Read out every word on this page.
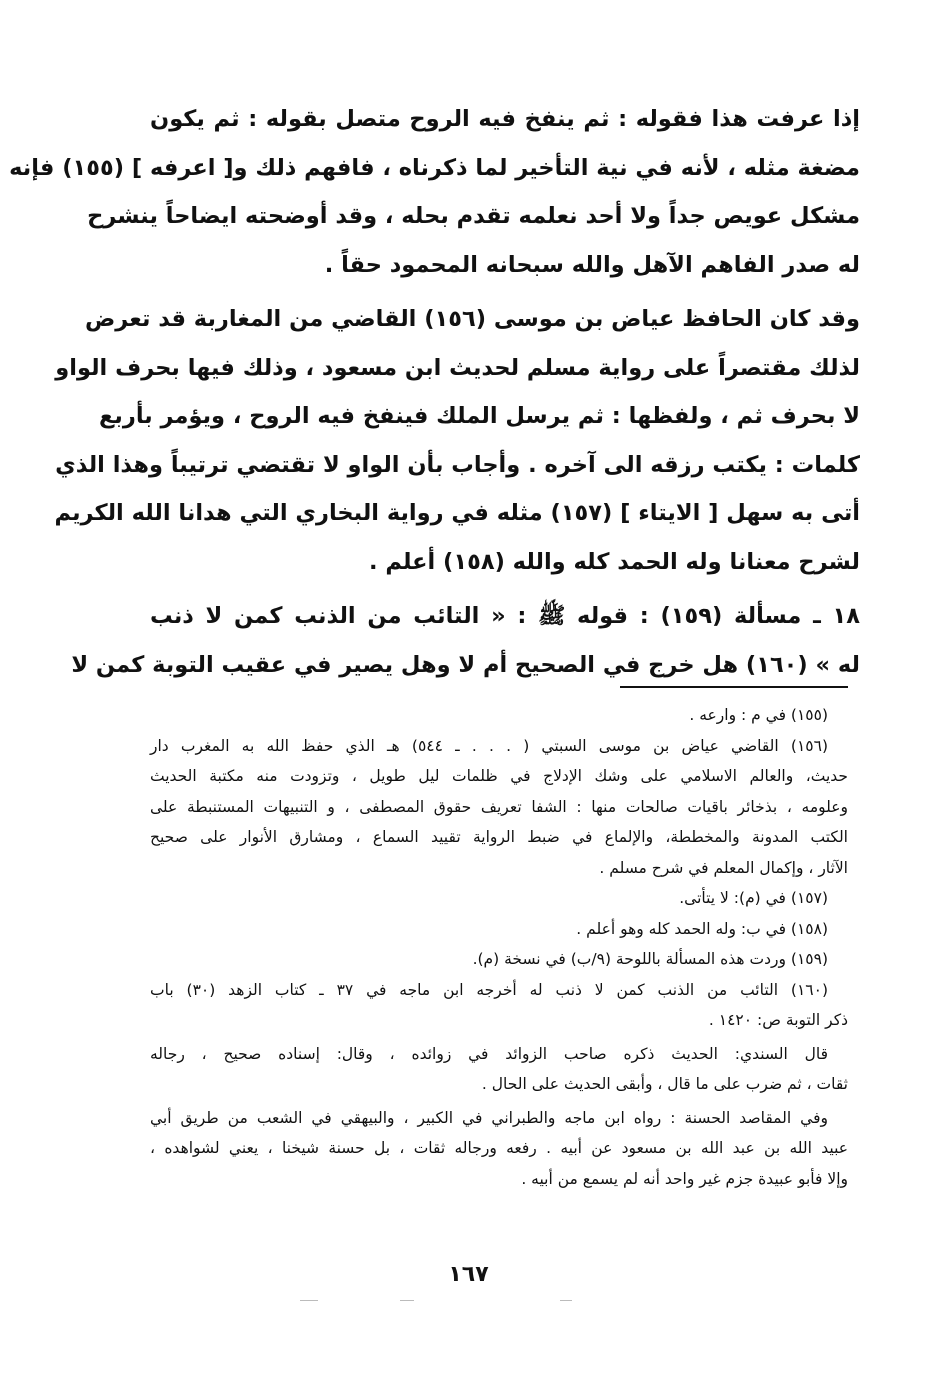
إذا عرفت هذا فقوله : ثم ينفخ فيه الروح متصل بقوله : ثم يكون
مضغة مثله ، لأنه في نية التأخير لما ذكرناه ، فافهم ذلك و[ اعرفه ] (١٥٥) فإنه
مشكل عويص جداً ولا أحد نعلمه تقدم بحله ، وقد أوضحته ايضاحاً ينشرح
له صدر الفاهم الآهل والله سبحانه المحمود حقاً .
وقد كان الحافظ عياض بن موسى (١٥٦) القاضي من المغاربة قد تعرض
لذلك مقتصراً على رواية مسلم لحديث ابن مسعود ، وذلك فيها بحرف الواو
لا بحرف ثم ، ولفظها : ثم يرسل الملك فينفخ فيه الروح ، ويؤمر بأربع
كلمات : يكتب رزقه الى آخره . وأجاب بأن الواو لا تقتضي ترتيباً وهذا الذي
أتى به سهل [ الايتاء ] (١٥٧) مثله في رواية البخاري التي هدانا الله الكريم
لشرح معنانا وله الحمد كله والله (١٥٨) أعلم .
١٨ ـ مسألة (١٥٩) : قوله ﷺ : « التائب من الذنب كمن لا ذنب
له » (١٦٠) هل خرج في الصحيح أم لا وهل يصير في عقيب التوبة كمن لا
(١٥٥) في م : وارعه .
(١٥٦) القاضي عياض بن موسى السبتي ( . . . ـ ٥٤٤) هـ الذي حفظ الله به المغرب دار
حديث، والعالم الاسلامي على وشك الإدلاج في ظلمات ليل طويل ، وتزودت منه مكتبة الحديث
وعلومه ، بذخائر باقيات صالحات منها : الشفا تعريف حقوق المصطفى ، و التنبيهات المستنبطة على
الكتب المدونة والمخططة، والإلماع في ضبط الرواية تقييد السماع ، ومشارق الأنوار على صحيح
الآثار ، وإكمال المعلم في شرح مسلم .
(١٥٧) في (م): لا يتأتى.
(١٥٨) في ب: وله الحمد كله وهو أعلم .
(١٥٩) وردت هذه المسألة باللوحة (٩/ب) في نسخة (م).
(١٦٠) التائب من الذنب كمن لا ذنب له أخرجه ابن ماجه في ٣٧ ـ كتاب الزهد (٣٠) باب
ذكر التوبة ص: ١٤٢٠ .
قال السندي: الحديث ذكره صاحب الزوائد في زوائده ، وقال: إسناده صحيح ، رجاله
ثقات ، ثم ضرب على ما قال ، وأبقى الحديث على الحال .
وفي المقاصد الحسنة : رواه ابن ماجه والطبراني في الكبير ، والبيهقي في الشعب من طريق أبي
عبيد الله بن عبد الله بن مسعود عن أبيه . رفعه ورجاله ثقات ، بل حسنة شيخنا ، يعني لشواهده ،
وإلا فأبو عبيدة جزم غير واحد أنه لم يسمع من أبيه .
١٦٧
